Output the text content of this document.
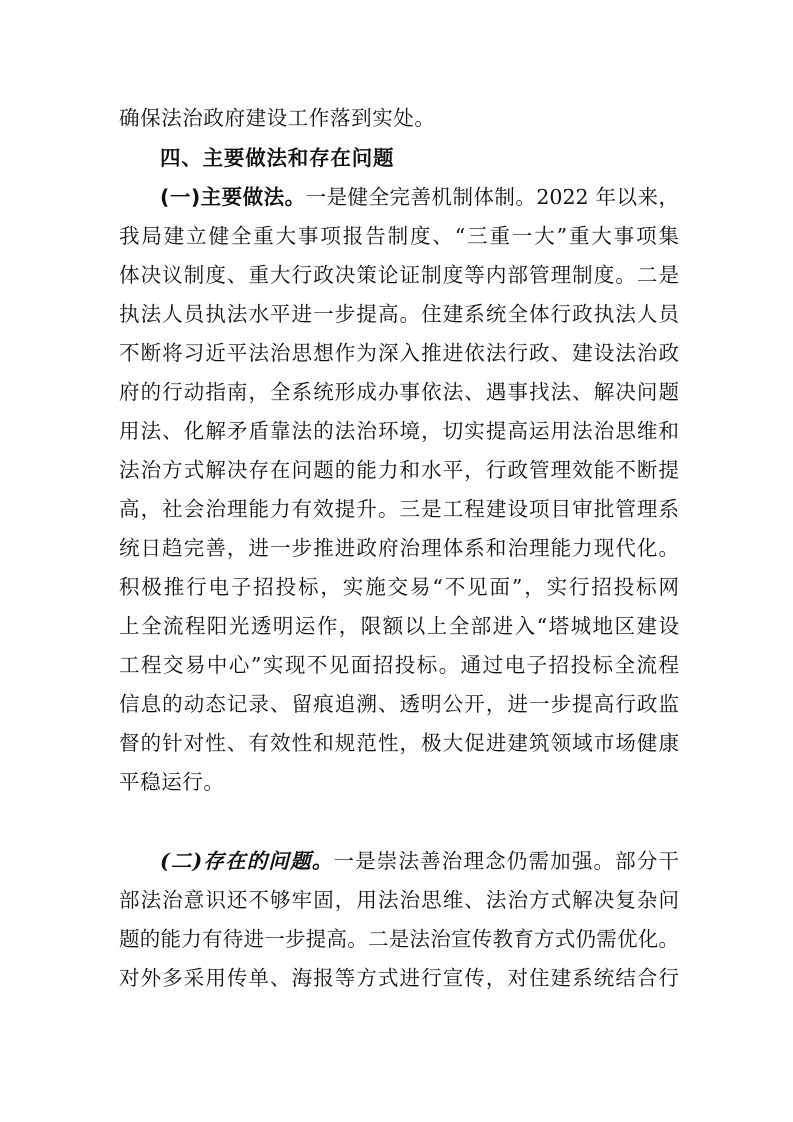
确保法治政府建设工作落到实处。
四、主要做法和存在问题
(一)主要做法。一是健全完善机制体制。2022 年以来，
我局建立健全重大事项报告制度、“三重一大”重大事项集
体决议制度、重大行政决策论证制度等内部管理制度。二是
执法人员执法水平进一步提高。住建系统全体行政执法人员
不断将习近平法治思想作为深入推进依法行政、建设法治政
府的行动指南，全系统形成办事依法、遇事找法、解决问题
用法、化解矛盾靠法的法治环境，切实提高运用法治思维和
法治方式解决存在问题的能力和水平，行政管理效能不断提
高，社会治理能力有效提升。三是工程建设项目审批管理系
统日趋完善，进一步推进政府治理体系和治理能力现代化。
积极推行电子招投标，实施交易“不见面”，实行招投标网
上全流程阳光透明运作，限额以上全部进入“塔城地区建设
工程交易中心”实现不见面招投标。通过电子招投标全流程
信息的动态记录、留痕追溯、透明公开，进一步提高行政监
督的针对性、有效性和规范性，极大促进建筑领域市场健康
平稳运行。
(二)存在的问题。一是崇法善治理念仍需加强。部分干
部法治意识还不够牢固，用法治思维、法治方式解决复杂问
题的能力有待进一步提高。二是法治宣传教育方式仍需优化。
对外多采用传单、海报等方式进行宣传，对住建系统结合行
